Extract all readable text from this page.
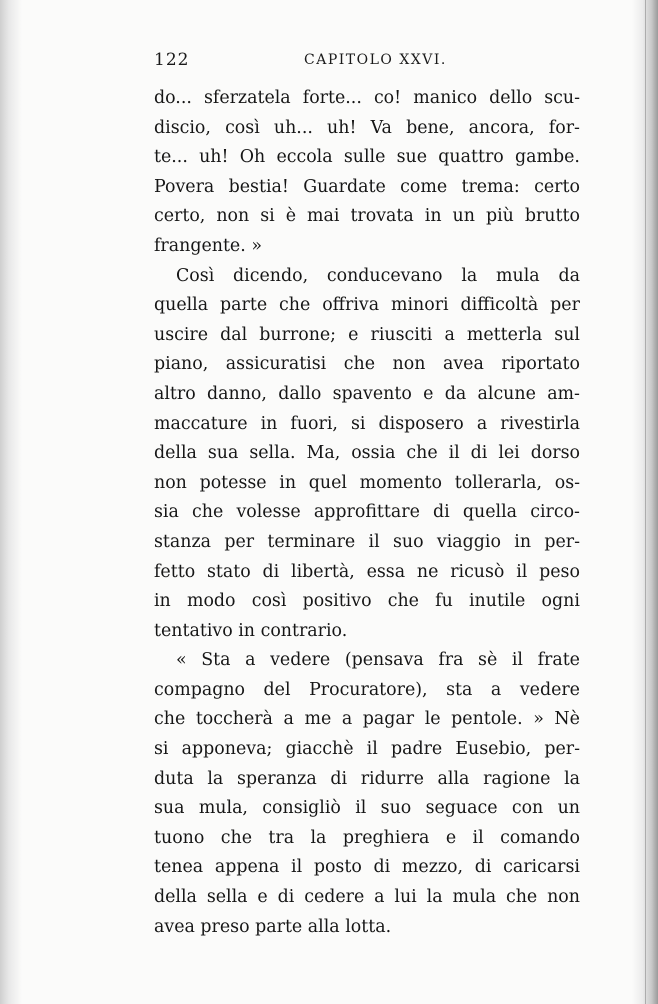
122	CAPITOLO XXVI.
do... sferzatela forte... co! manico dello scu-
discio, così uh... uh! Va bene, ancora, for-
te... uh! Oh eccola sulle sue quattro gambe.
Povera bestia! Guardate come trema: certo
certo, non si è mai trovata in un più brutto
frangente. »
Così dicendo, conducevano la mula da
quella parte che offriva minori difficoltà per
uscire dal burrone; e riusciti a metterla sul
piano, assicuratisi che non avea riportato
altro danno, dallo spavento e da alcune am-
maccature in fuori, si disposero a rivestirla
della sua sella. Ma, ossia che il di lei dorso
non potesse in quel momento tollerarla, os-
sia che volesse approfittare di quella circo-
stanza per terminare il suo viaggio in per-
fetto stato di libertà, essa ne ricusò il peso
in modo così positivo che fu inutile ogni
tentativo in contrario.
« Sta a vedere (pensava fra sè il frate
compagno del Procuratore), sta a vedere
che toccherà a me a pagar le pentole. » Nè
si apponeva; giacchè il padre Eusebio, per-
duta la speranza di ridurre alla ragione la
sua mula, consigliò il suo seguace con un
tuono che tra la preghiera e il comando
tenea appena il posto di mezzo, di caricarsi
della sella e di cedere a lui la mula che non
avea preso parte alla lotta.
